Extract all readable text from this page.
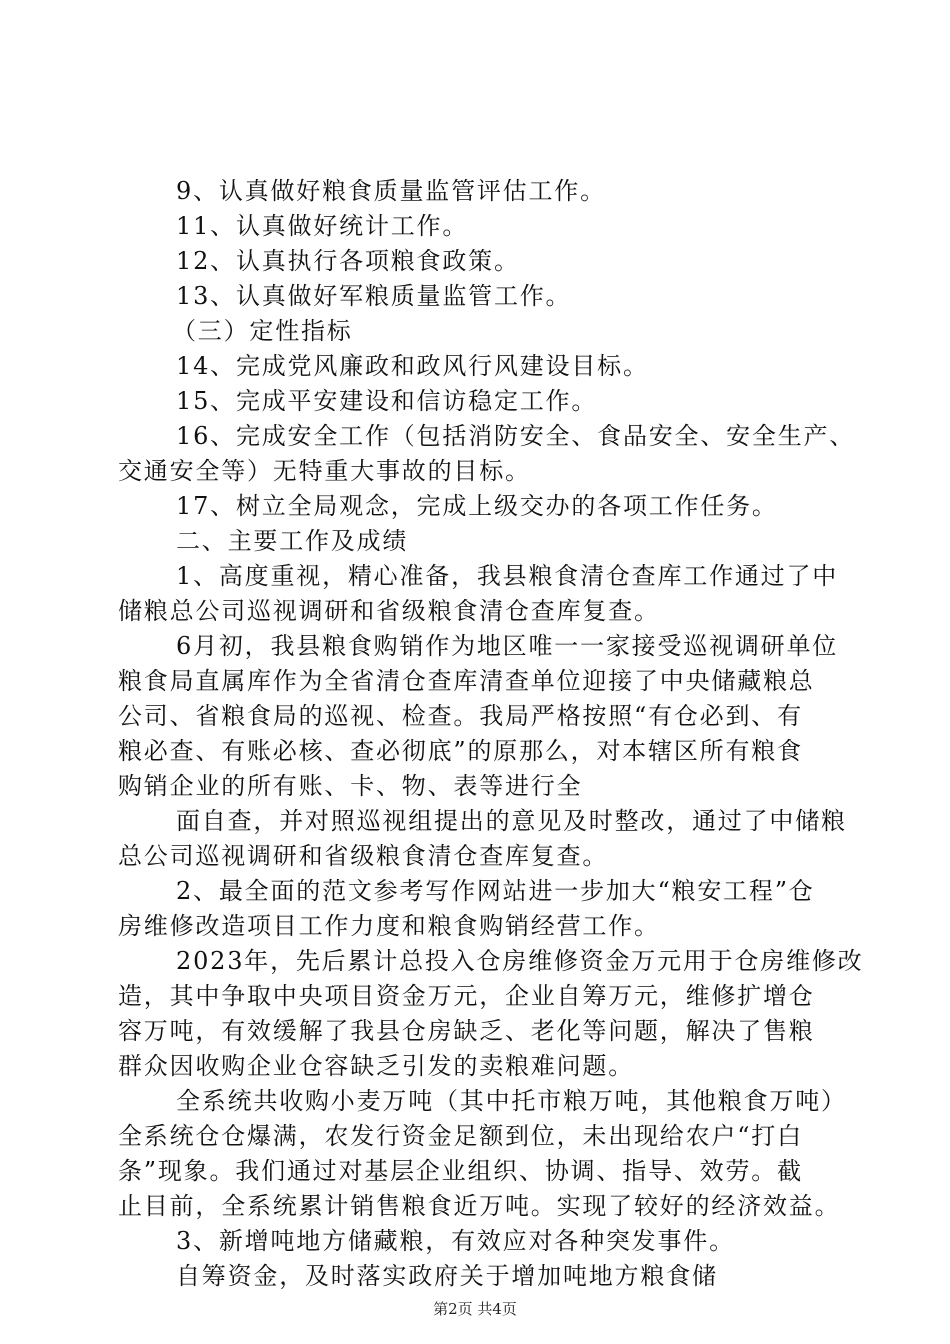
9、认真做好粮食质量监管评估工作。
11、认真做好统计工作。
12、认真执行各项粮食政策。
13、认真做好军粮质量监管工作。
（三）定性指标
14、完成党风廉政和政风行风建设目标。
15、完成平安建设和信访稳定工作。
16、完成安全工作（包括消防安全、食品安全、安全生产、
交通安全等）无特重大事故的目标。
17、树立全局观念，完成上级交办的各项工作任务。
二、主要工作及成绩
1、高度重视，精心准备，我县粮食清仓查库工作通过了中
储粮总公司巡视调研和省级粮食清仓查库复查。
6月初，我县粮食购销作为地区唯一一家接受巡视调研单位
粮食局直属库作为全省清仓查库清查单位迎接了中央储藏粮总
公司、省粮食局的巡视、检查。我局严格按照“有仓必到、有
粮必查、有账必核、查必彻底”的原那么，对本辖区所有粮食
购销企业的所有账、卡、物、表等进行全
面自查，并对照巡视组提出的意见及时整改，通过了中储粮
总公司巡视调研和省级粮食清仓查库复查。
2、最全面的范文参考写作网站进一步加大“粮安工程”仓
房维修改造项目工作力度和粮食购销经营工作。
2023年，先后累计总投入仓房维修资金万元用于仓房维修改
造，其中争取中央项目资金万元，企业自筹万元，维修扩增仓
容万吨，有效缓解了我县仓房缺乏、老化等问题，解决了售粮
群众因收购企业仓容缺乏引发的卖粮难问题。
全系统共收购小麦万吨（其中托市粮万吨，其他粮食万吨）
全系统仓仓爆满，农发行资金足额到位，未出现给农户“打白
条”现象。我们通过对基层企业组织、协调、指导、效劳。截
止目前，全系统累计销售粮食近万吨。实现了较好的经济效益。
3、新增吨地方储藏粮，有效应对各种突发事件。
自筹资金，及时落实政府关于增加吨地方粮食储
第2页 共4页
